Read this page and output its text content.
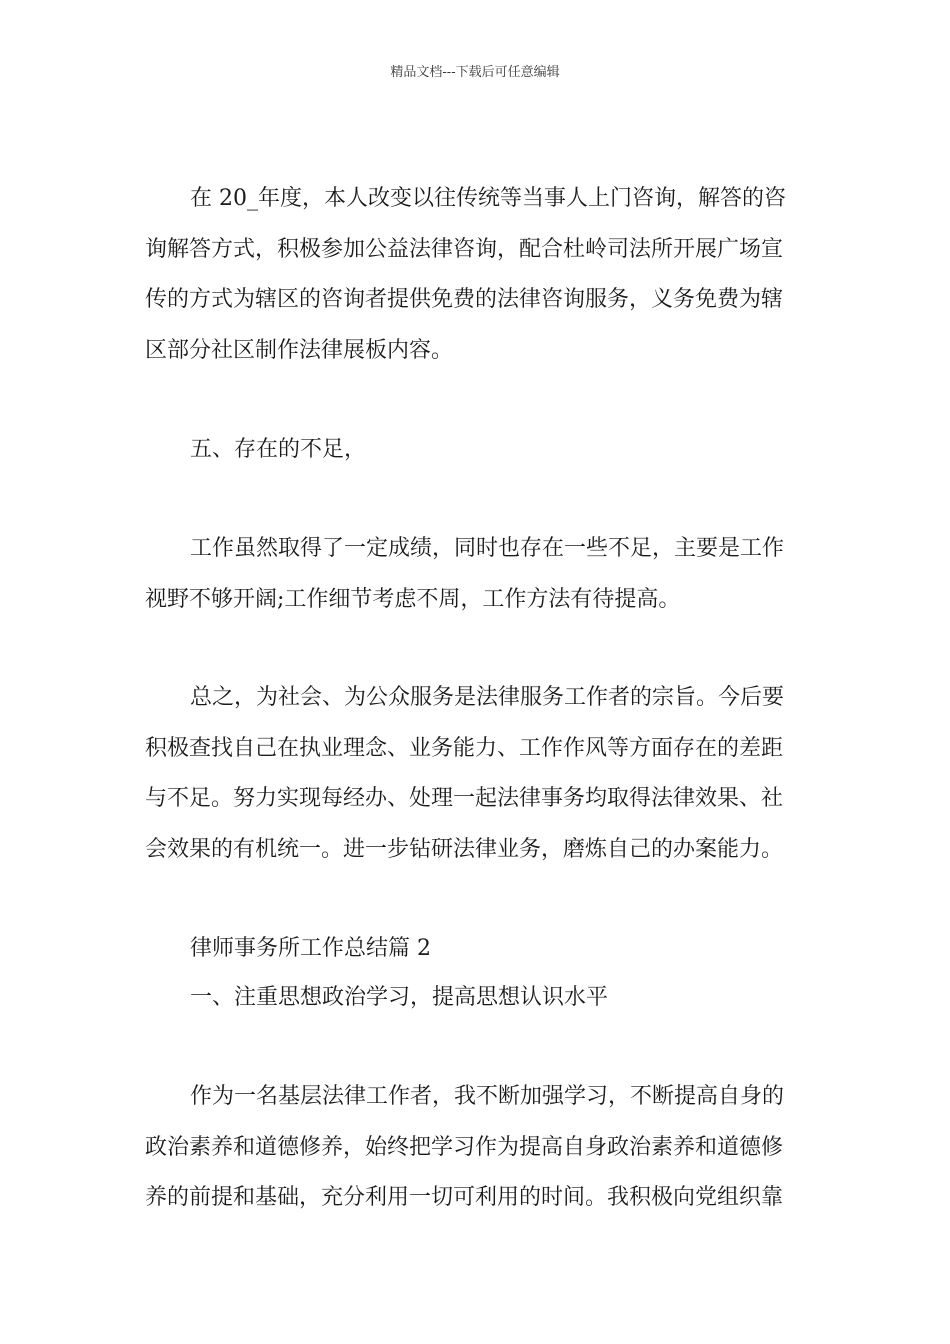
精品文档---下载后可任意编辑
在 20_年度，本人改变以往传统等当事人上门咨询，解答的咨
询解答方式，积极参加公益法律咨询，配合杜岭司法所开展广场宣
传的方式为辖区的咨询者提供免费的法律咨询服务，义务免费为辖
区部分社区制作法律展板内容。
五、存在的不足，
工作虽然取得了一定成绩，同时也存在一些不足，主要是工作
视野不够开阔;工作细节考虑不周，工作方法有待提高。
总之，为社会、为公众服务是法律服务工作者的宗旨。今后要
积极查找自己在执业理念、业务能力、工作作风等方面存在的差距
与不足。努力实现每经办、处理一起法律事务均取得法律效果、社
会效果的有机统一。进一步钻研法律业务，磨炼自己的办案能力。
律师事务所工作总结篇 2
一、注重思想政治学习，提高思想认识水平
作为一名基层法律工作者，我不断加强学习，不断提高自身的
政治素养和道德修养，始终把学习作为提高自身政治素养和道德修
养的前提和基础，充分利用一切可利用的时间。我积极向党组织靠
